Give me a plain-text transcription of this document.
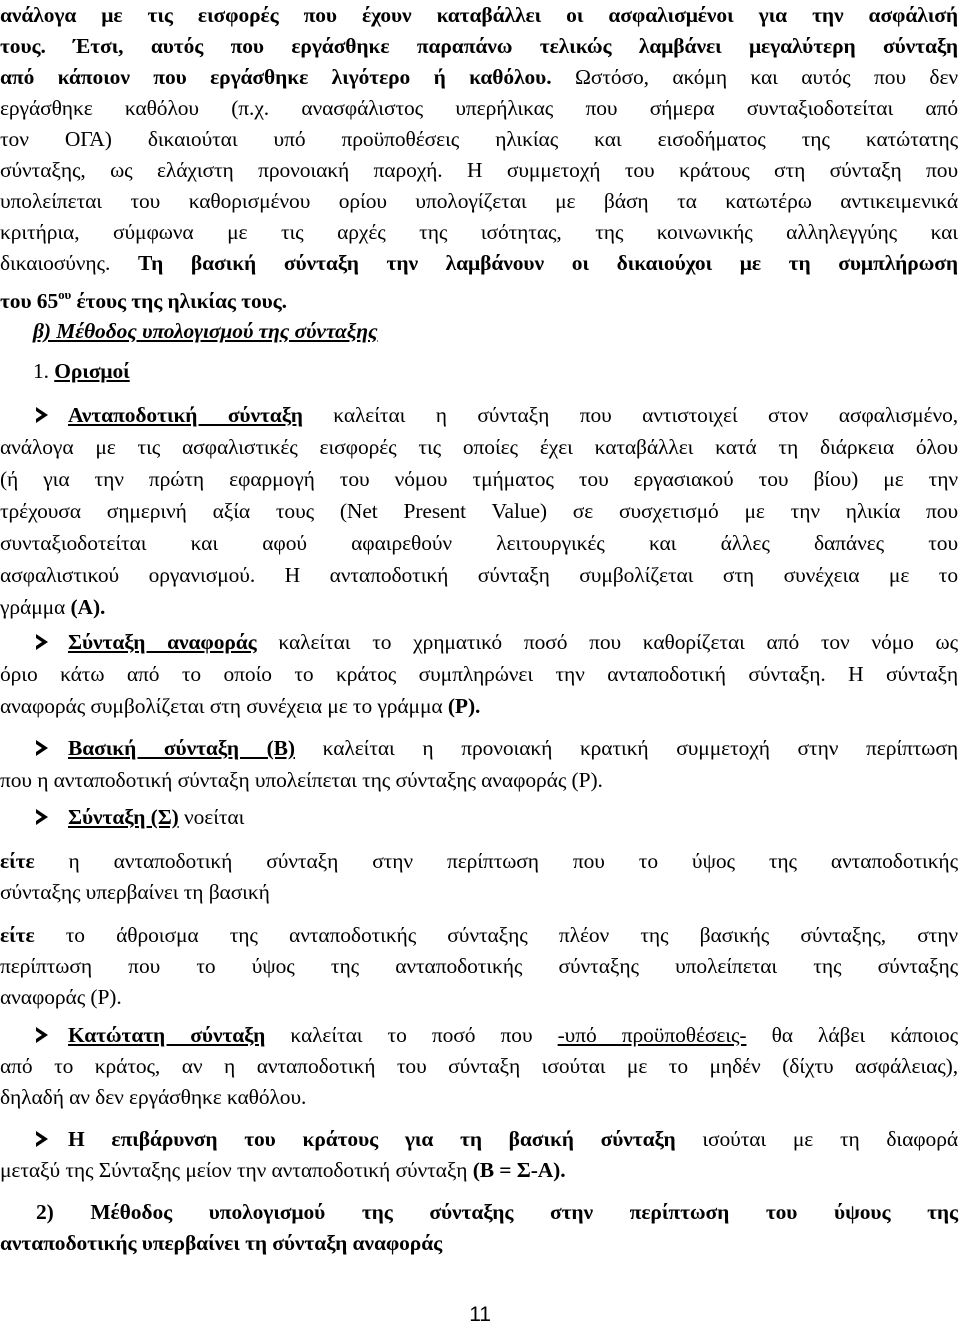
ανάλογα με τις εισφορές που έχουν καταβάλλει οι ασφαλισμένοι για την ασφάλισή
τους. Έτσι, αυτός που εργάσθηκε παραπάνω τελικώς λαμβάνει μεγαλύτερη σύνταξη
από κάποιον που εργάσθηκε λιγότερο ή καθόλου. Ωστόσο, ακόμη και αυτός που δεν
εργάσθηκε καθόλου (π.χ. ανασφάλιστος υπερήλικας που σήμερα συνταξιοδοτείται από
τον ΟΓΑ) δικαιούται υπό προϋποθέσεις ηλικίας και εισοδήματος της κατώτατης
σύνταξης, ως ελάχιστη προνοιακή παροχή. Η συμμετοχή του κράτους στη σύνταξη που
υπολείπεται του καθορισμένου ορίου υπολογίζεται με βάση τα κατωτέρω αντικειμενικά
κριτήρια, σύμφωνα με τις αρχές της ισότητας, της κοινωνικής αλληλεγγύης και
δικαιοσύνης. Τη βασική σύνταξη την λαμβάνουν οι δικαιούχοι με τη συμπλήρωση
του $65^{o\upsilon}$ έτους της ηλικίας τους.
β) Μέθοδος υπολογισμού της σύνταξης
1. Ορισμοί
Ανταποδοτική σύνταξη καλείται η σύνταξη που αντιστοιχεί στον ασφαλισμένο,
ανάλογα με τις ασφαλιστικές εισφορές τις οποίες έχει καταβάλλει κατά τη διάρκεια όλου
(ή για την πρώτη εφαρμογή του νόμου τμήματος του εργασιακού του βίου) με την
τρέχουσα σημερινή αξία τους (Net Present Value) σε συσχετισμό με την ηλικία που
συνταξιοδοτείται και αφού αφαιρεθούν λειτουργικές και άλλες δαπάνες του
ασφαλιστικού οργανισμού. Η ανταποδοτική σύνταξη συμβολίζεται στη συνέχεια με το
γράμμα (Α).
Σύνταξη αναφοράς καλείται το χρηματικό ποσό που καθορίζεται από τον νόμο ως
όριο κάτω από το οποίο το κράτος συμπληρώνει την ανταποδοτική σύνταξη. Η σύνταξη
αναφοράς συμβολίζεται στη συνέχεια με το γράμμα (Ρ).
Βασική σύνταξη (Β) καλείται η προνοιακή κρατική συμμετοχή στην περίπτωση
που η ανταποδοτική σύνταξη υπολείπεται της σύνταξης αναφοράς (Ρ).
Σύνταξη (Σ) νοείται
είτε η ανταποδοτική σύνταξη στην περίπτωση που το ύψος της ανταποδοτικής
σύνταξης υπερβαίνει τη βασική
είτε το άθροισμα της ανταποδοτικής σύνταξης πλέον της βασικής σύνταξης, στην
περίπτωση που το ύψος της ανταποδοτικής σύνταξης υπολείπεται της σύνταξης
αναφοράς (Ρ).
Κατώτατη σύνταξη καλείται το ποσό που -υπό προϋποθέσεις- θα λάβει κάποιος
από το κράτος, αν η ανταποδοτική του σύνταξη ισούται με το μηδέν (δίχτυ ασφάλειας),
δηλαδή αν δεν εργάσθηκε καθόλου.
Η επιβάρυνση του κράτους για τη βασική σύνταξη ισούται με τη διαφορά
μεταξύ της Σύνταξης μείον την ανταποδοτική σύνταξη (Β = Σ-Α).
2) Μέθοδος υπολογισμού της σύνταξης στην περίπτωση του ύψους της
ανταποδοτικής υπερβαίνει τη σύνταξη αναφοράς
11
